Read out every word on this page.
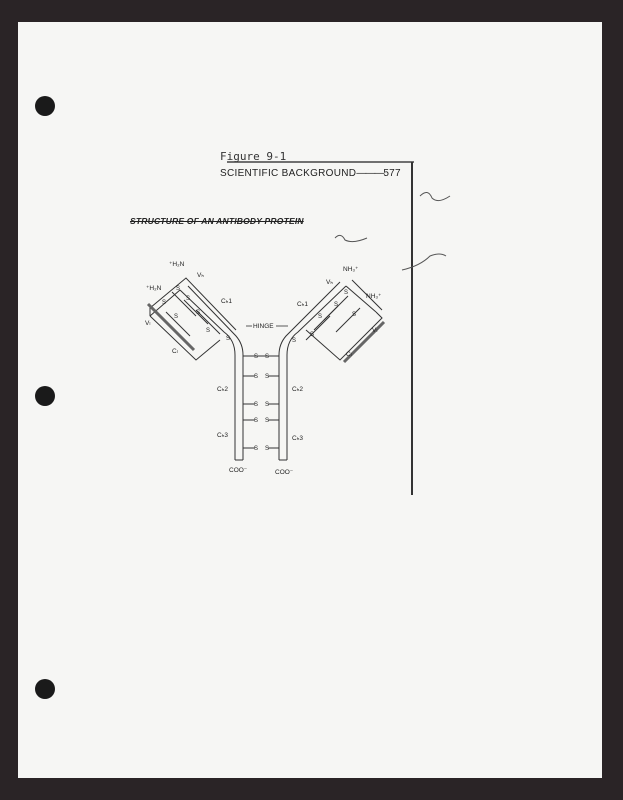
Figure 9-1
SCIENTIFIC BACKGROUND———577
STRUCTURE OF AN ANTIBODY PROTEIN
S S
S S
S S
S S
S S
S
S
S
S
S
S
S
S
S
S
S
S
S
⁺H₂N
⁺H₂N
Vₕ
Vₗ
Cₕ1
Cₗ
NH₃⁺
NH₃⁺
Vₕ
Vₗ
Cₕ1
Cₗ
HINGE
Cₕ2	Cₕ2
Cₕ3	Cₕ3
COO⁻	COO⁻
